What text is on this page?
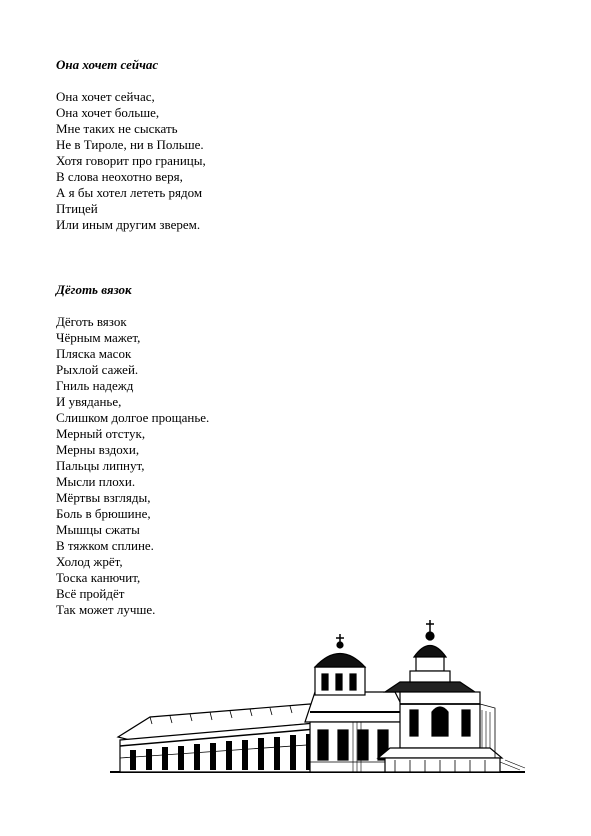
Она хочет сейчас

Она хочет сейчас,
Она хочет больше,
Мне таких не сыскать
Не в Тироле, ни в Польше.
Хотя говорит про границы,
В слова неохотно веря,
А я бы хотел лететь рядом
Птицей
Или иным другим зверем.

Дёготь вязок

Дёготь вязок
Чёрным мажет,
Пляска масок
Рыхлой сажей.
Гниль надежд
И увяданье,
Слишком долгое прощанье.
Мерный отстук,
Мерны вздохи,
Пальцы липнут,
Мысли плохи.
Мёртвы взгляды,
Боль в брюшине,
Мышцы сжаты
В тяжком сплине.
Холод жрёт,
Тоска канючит,
Всё пройдёт
Так может лучше.
